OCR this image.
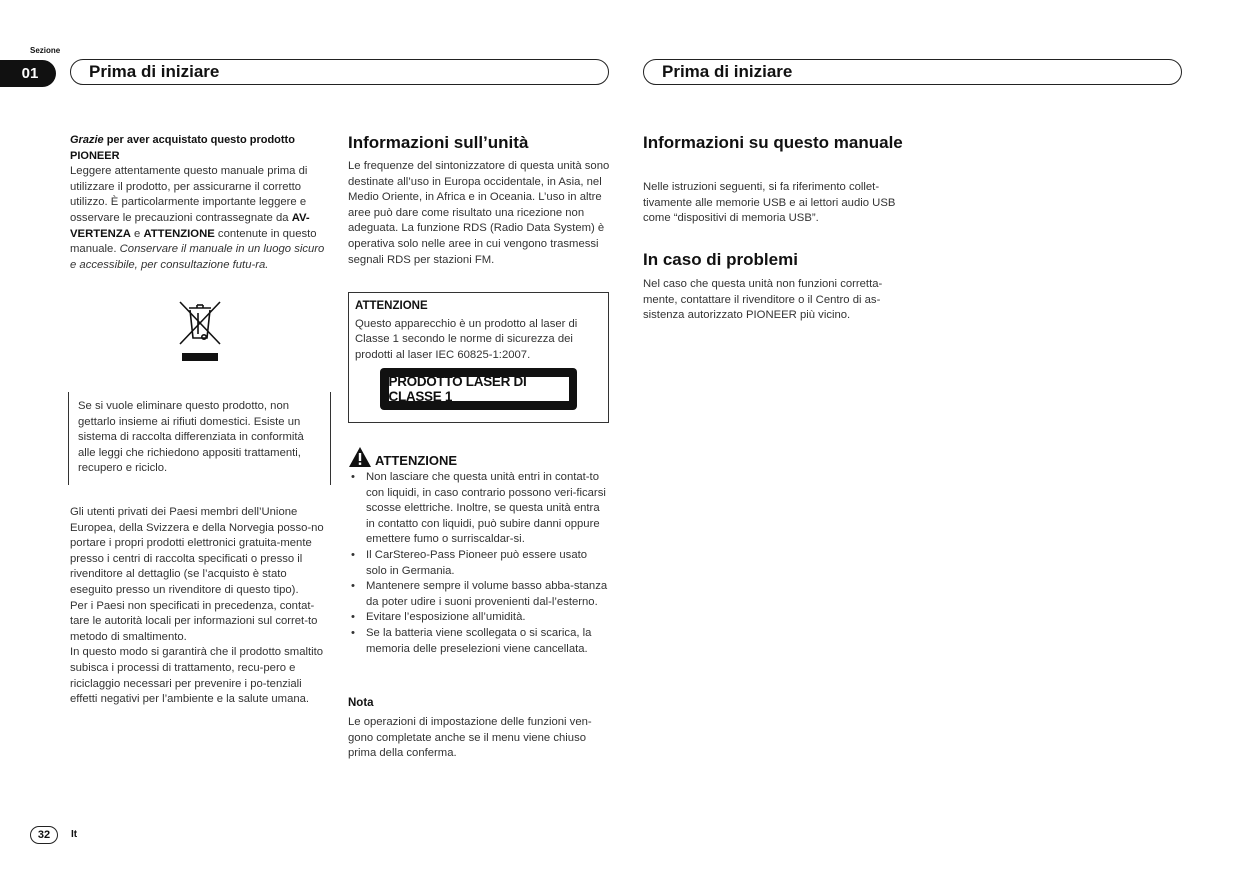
Sezione
01	Prima di iniziare	Prima di iniziare

Grazie per aver acquistato questo prodotto PIONEER

Leggere attentamente questo manuale prima di utilizzare il prodotto, per assicurarne il corretto utilizzo. È particolarmente importante leggere e osservare le precauzioni contrassegnate da AV-VERTENZA e ATTENZIONE contenute in questo manuale. Conservare il manuale in un luogo sicuro e accessibile, per consultazione futu-ra.

Se si vuole eliminare questo prodotto, non gettarlo insieme ai rifiuti domestici. Esiste un sistema di raccolta differenziata in conformità alle leggi che richiedono appositi trattamenti, recupero e riciclo.

Gli utenti privati dei Paesi membri dell’Unione Europea, della Svizzera e della Norvegia posso-no portare i propri prodotti elettronici gratuita-mente presso i centri di raccolta specificati o presso il rivenditore al dettaglio (se l’acquisto è stato eseguito presso un rivenditore di questo tipo).

Per i Paesi non specificati in precedenza, contat-tare le autorità locali per informazioni sul corret-to metodo di smaltimento.

In questo modo si garantirà che il prodotto smaltito subisca i processi di trattamento, recu-pero e riciclaggio necessari per prevenire i po-tenziali effetti negativi per l’ambiente e la salute umana.

Informazioni sull’unità
Le frequenze del sintonizzatore di questa unità sono destinate all’uso in Europa occidentale, in Asia, nel Medio Oriente, in Africa e in Oceania. L’uso in altre aree può dare come risultato una ricezione non adeguata. La funzione RDS (Radio Data System) è operativa solo nelle aree in cui vengono trasmessi segnali RDS per stazioni FM.

ATTENZIONE

Questo apparecchio è un prodotto al laser di Classe 1 secondo le norme di sicurezza dei prodotti al laser IEC 60825-1:2007.

PRODOTTO LASER DI CLASSE 1
ATTENZIONE
• Non lasciare che questa unità entri in contat-to con liquidi, in caso contrario possono veri-ficarsi scosse elettriche. Inoltre, se questa unità entra in contatto con liquidi, può subire danni oppure emettere fumo o surriscaldar-si.
• Il CarStereo-Pass Pioneer può essere usato solo in Germania.
• Mantenere sempre il volume basso abba-stanza da poter udire i suoni provenienti dal-l’esterno.
• Evitare l’esposizione all’umidità.
• Se la batteria viene scollegata o si scarica, la memoria delle preselezioni viene cancellata.
Nota
Le operazioni di impostazione delle funzioni ven-gono completate anche se il menu viene chiuso prima della conferma.
Informazioni su questo manuale
Nelle istruzioni seguenti, si fa riferimento collet-tivamente alle memorie USB e ai lettori audio USB come “dispositivi di memoria USB”.
In caso di problemi
Nel caso che questa unità non funzioni corretta-mente, contattare il rivenditore o il Centro di as-sistenza autorizzato PIONEER più vicino.
32	It
